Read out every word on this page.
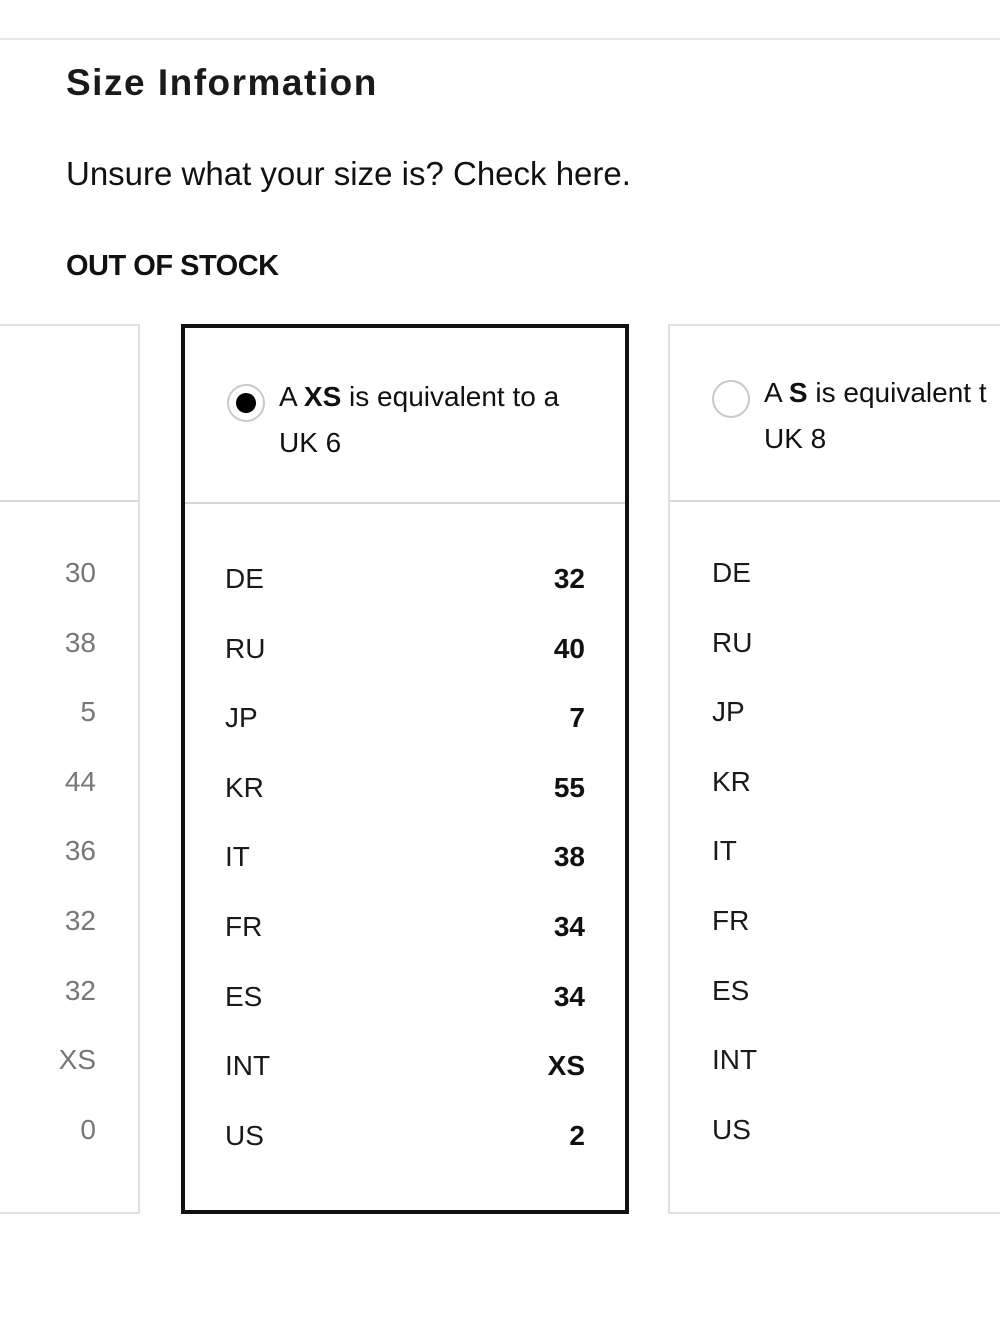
Size Information
Unsure what your size is? Check here.
OUT OF STOCK
30
38
5
44
36
32
32
XS
0
A XS is equivalent to a
UK 6
DE	32
RU	40
JP	7
KR	55
IT	38
FR	34
ES	34
INT	XS
US	2
A S is equivalent t
UK 8
DE
RU
JP
KR
IT
FR
ES
INT
US
